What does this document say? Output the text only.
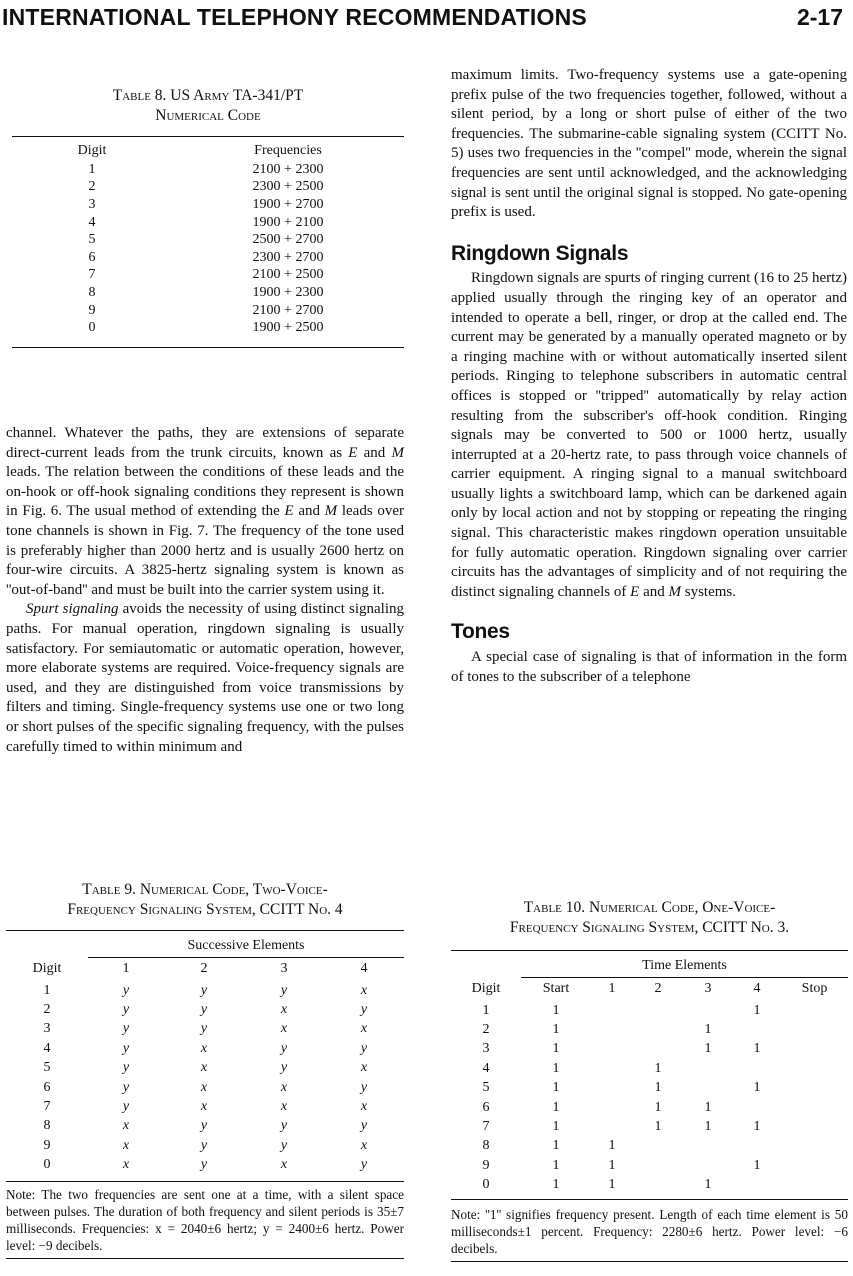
INTERNATIONAL TELEPHONY RECOMMENDATIONS	2-17
Table 8. US Army TA-341/PT
Numerical Code
Digit	Frequencies
1	2100 + 2300
2	2300 + 2500
3	1900 + 2700
4	1900 + 2100
5	2500 + 2700
6	2300 + 2700
7	2100 + 2500
8	1900 + 2300
9	2100 + 2700
0	1900 + 2500

channel. Whatever the paths, they are extensions of separate direct-current leads from the trunk circuits, known as E and M leads. The relation between the conditions of these leads and the on-hook or off-hook signaling conditions they represent is shown in Fig. 6. The usual method of extending the E and M leads over tone channels is shown in Fig. 7. The frequency of the tone used is preferably higher than 2000 hertz and is usually 2600 hertz on four-wire circuits. A 3825-hertz signaling system is known as ''out-of-band'' and must be built into the carrier system using it.

Spurt signaling avoids the necessity of using distinct signaling paths. For manual operation, ringdown signaling is usually satisfactory. For semiautomatic or automatic operation, however, more elaborate systems are required. Voice-frequency signals are used, and they are distinguished from voice transmissions by filters and timing. Single-frequency systems use one or two long or short pulses of the specific signaling frequency, with the pulses carefully timed to within minimum and

maximum limits. Two-frequency systems use a gate-opening prefix pulse of the two frequencies together, followed, without a silent period, by a long or short pulse of either of the two frequencies. The submarine-cable signaling system (CCITT No. 5) uses two frequencies in the ''compel'' mode, wherein the signal frequencies are sent until acknowledged, and the acknowledging signal is sent until the original signal is stopped. No gate-opening prefix is used.

Ringdown Signals

Ringdown signals are spurts of ringing current (16 to 25 hertz) applied usually through the ringing key of an operator and intended to operate a bell, ringer, or drop at the called end. The current may be generated by a manually operated magneto or by a ringing machine with or without automatically inserted silent periods. Ringing to telephone subscribers in automatic central offices is stopped or ''tripped'' automatically by relay action resulting from the subscriber's off-hook condition. Ringing signals may be converted to 500 or 1000 hertz, usually interrupted at a 20-hertz rate, to pass through voice channels of carrier equipment. A ringing signal to a manual switchboard usually lights a switchboard lamp, which can be darkened again only by local action and not by stopping or repeating the ringing signal. This characteristic makes ringdown operation unsuitable for fully automatic operation. Ringdown signaling over carrier circuits has the advantages of simplicity and of not requiring the distinct signaling channels of E and M systems.

Tones

A special case of signaling is that of information in the form of tones to the subscriber of a telephone

Table 9. Numerical Code, Two-Voice-
Frequency Signaling System, CCITT No. 4
	Successive Elements			
Digit	1	2	3	4
1	y	y	y	x
2	y	y	x	y
3	y	y	x	x
4	y	x	y	y
5	y	x	y	x
6	y	x	x	y
7	y	x	x	x
8	x	y	y	y
9	x	y	y	x
0	x	y	x	y
Note: The two frequencies are sent one at a time, with a silent space between pulses. The duration of both frequency and silent periods is 35±7 milliseconds. Frequencies: x = 2040±6 hertz; y = 2400±6 hertz. Power level: −9 decibels.
Table 10. Numerical Code, One-Voice-
Frequency Signaling System, CCITT No. 3.
	Time Elements					
Digit	Start	1	2	3	4	Stop
1	1				1	
2	1			1		
3	1			1	1	
4	1		1			
5	1		1		1	
6	1		1	1		
7	1		1	1	1	
8	1	1				
9	1	1			1	
0	1	1		1		
Note: ''1'' signifies frequency present. Length of each time element is 50 milliseconds±1 percent. Frequency: 2280±6 hertz. Power level: −6 decibels.
